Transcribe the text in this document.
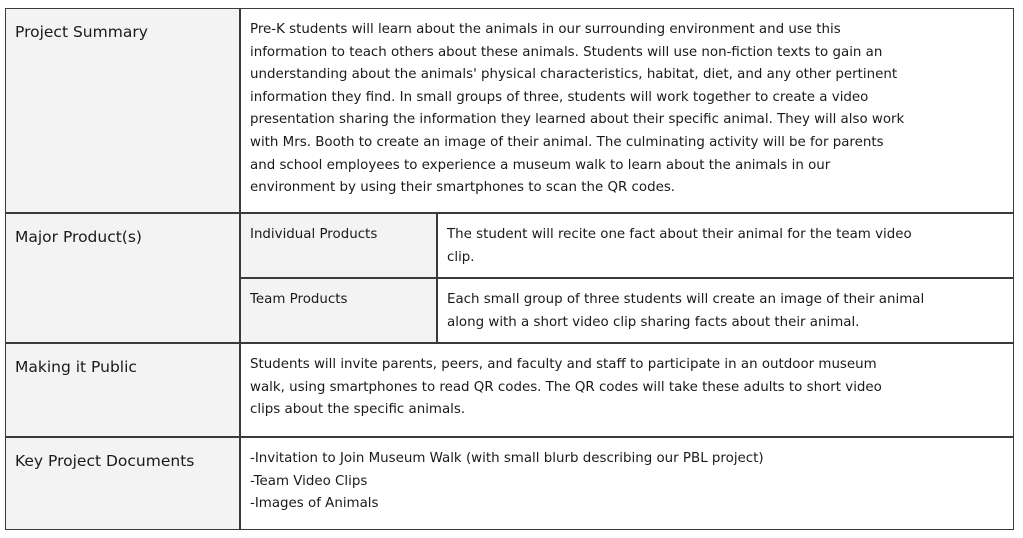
Project Summary	Pre-K students will learn about the animals in our surrounding environment and use this
information to teach others about these animals. Students will use non-fiction texts to gain an
understanding about the animals' physical characteristics, habitat, diet, and any other pertinent
information they find. In small groups of three, students will work together to create a video
presentation sharing the information they learned about their specific animal. They will also work
with Mrs. Booth to create an image of their animal. The culminating activity will be for parents
and school employees to experience a museum walk to learn about the animals in our
environment by using their smartphones to scan the QR codes.
Major Product(s)	Individual Products	The student will recite one fact about their animal for the team video
clip.
Team Products	Each small group of three students will create an image of their animal
along with a short video clip sharing facts about their animal.
Making it Public	Students will invite parents, peers, and faculty and staff to participate in an outdoor museum
walk, using smartphones to read QR codes. The QR codes will take these adults to short video
clips about the specific animals.
Key Project Documents	-Invitation to Join Museum Walk (with small blurb describing our PBL project)
-Team Video Clips
-Images of Animals
